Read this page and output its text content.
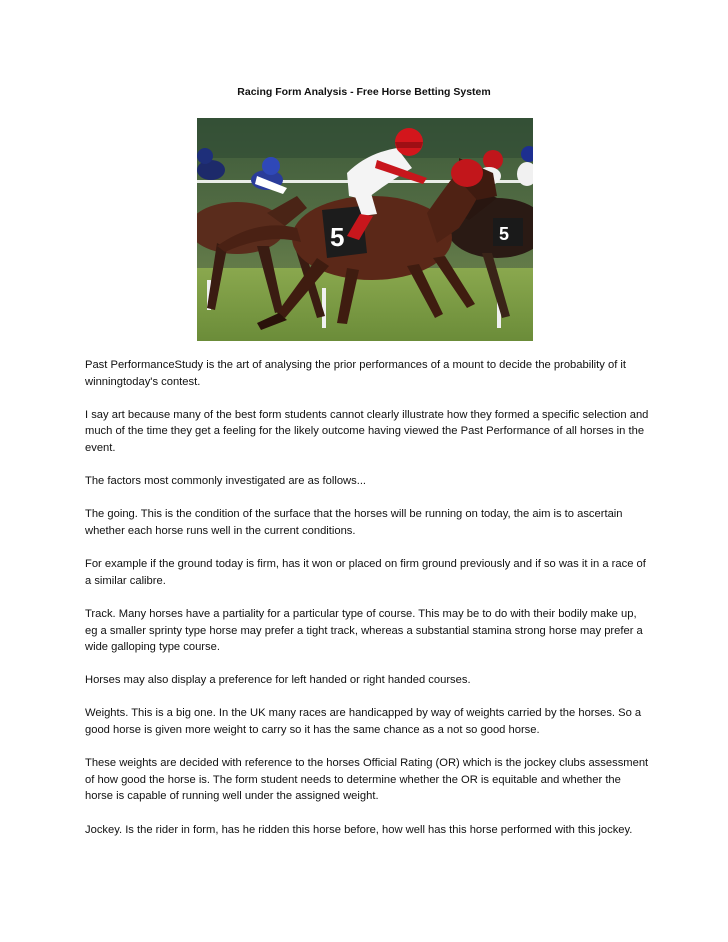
Racing Form Analysis - Free Horse Betting System
5
5

Past PerformanceStudy is the art of analysing the prior performances of a mount to decide the probability of it winningtoday's contest.

I say art because many of the best form students cannot clearly illustrate how they formed a specific selection and much of the time they get a feeling for the likely outcome having viewed the Past Performance of all horses in the event.

The factors most commonly investigated are as follows...

The going. This is the condition of the surface that the horses will be running on today, the aim is to ascertain whether each horse runs well in the current conditions.

For example if the ground today is firm, has it won or placed on firm ground previously and if so was it in a race of a similar calibre.

Track. Many horses have a partiality for a particular type of course. This may be to do with their bodily make up, eg a smaller sprinty type horse may prefer a tight track, whereas a substantial stamina strong horse may prefer a wide galloping type course.

Horses may also display a preference for left handed or right handed courses.

Weights. This is a big one. In the UK many races are handicapped by way of weights carried by the horses. So a good horse is given more weight to carry so it has the same chance as a not so good horse.

These weights are decided with reference to the horses Official Rating (OR) which is the jockey clubs assessment of how good the horse is. The form student needs to determine whether the OR is equitable and whether the horse is capable of running well under the assigned weight.

Jockey. Is the rider in form, has he ridden this horse before, how well has this horse performed with this jockey.
